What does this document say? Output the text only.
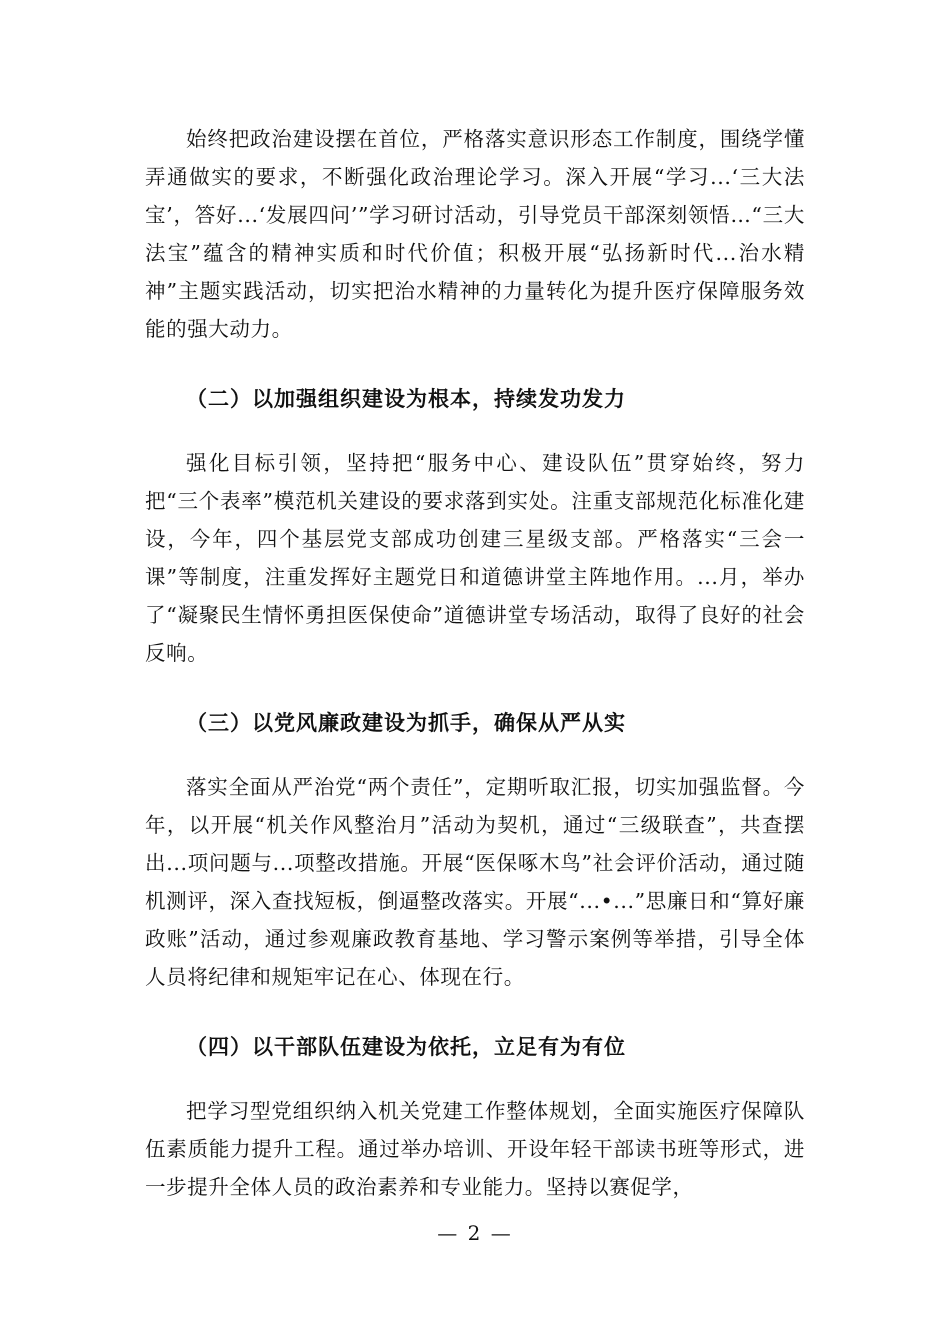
始终把政治建设摆在首位，严格落实意识形态工作制度，围绕学懂弄通做实的要求，不断强化政治理论学习。深入开展“学习...‘三大法宝’，答好...‘发展四问’”学习研讨活动，引导党员干部深刻领悟…“三大法宝”蕴含的精神实质和时代价值；积极开展“弘扬新时代...治水精神”主题实践活动，切实把治水精神的力量转化为提升医疗保障服务效能的强大动力。

（二）以加强组织建设为根本，持续发功发力

强化目标引领，坚持把“服务中心、建设队伍”贯穿始终，努力把“三个表率”模范机关建设的要求落到实处。注重支部规范化标准化建设，今年，四个基层党支部成功创建三星级支部。严格落实“三会一课”等制度，注重发挥好主题党日和道德讲堂主阵地作用。...月，举办了“凝聚民生情怀勇担医保使命”道德讲堂专场活动，取得了良好的社会反响。

（三）以党风廉政建设为抓手，确保从严从实

落实全面从严治党“两个责任”，定期听取汇报，切实加强监督。今年，以开展“机关作风整治月”活动为契机，通过“三级联查”，共查摆出...项问题与...项整改措施。开展“医保啄木鸟”社会评价活动，通过随机测评，深入查找短板，倒逼整改落实。开展“...•...”思廉日和“算好廉政账”活动，通过参观廉政教育基地、学习警示案例等举措，引导全体人员将纪律和规矩牢记在心、体现在行。

（四）以干部队伍建设为依托，立足有为有位

把学习型党组织纳入机关党建工作整体规划，全面实施医疗保障队伍素质能力提升工程。通过举办培训、开设年轻干部读书班等形式，进一步提升全体人员的政治素养和专业能力。坚持以赛促学，

— 2 —
